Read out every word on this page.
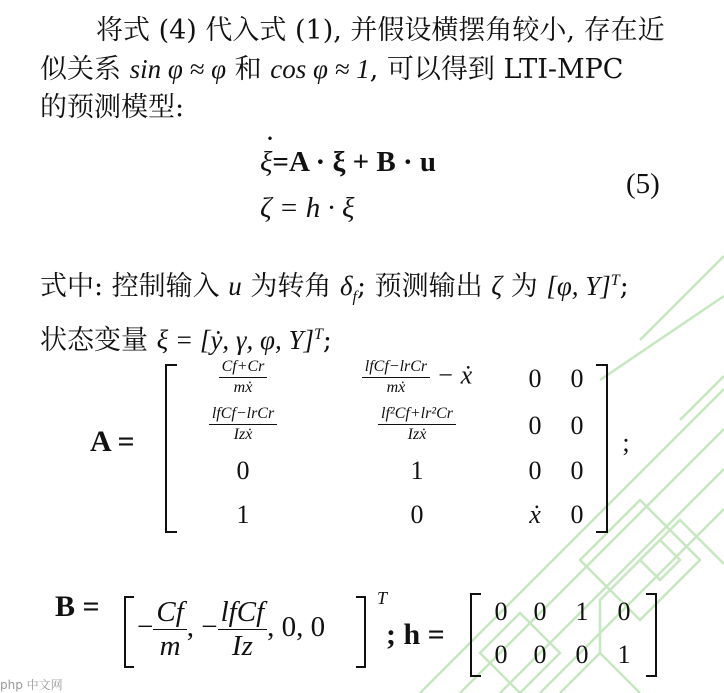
将式 (4) 代入式 (1), 并假设横摆角较小, 存在近
似关系 sin φ ≈ φ 和 cos φ ≈ 1, 可以得到 LTI-MPC
的预测模型:
· ξ=A · ξ + B · u
ζ = h · ξ
(5)
式中: 控制输入 u 为转角 $\delta_f$; 预测输出 ζ 为 [φ, Y]$^T$;
状态变量 ξ = [ẏ, γ, φ, Y]$^T$;
A =
$\frac{Cf+Cr}{\text{mẋ}}$	$\frac{\text{lfCf−lrCr}}{\text{mẋ}}$ − ẋ	0	0
$\frac{\text{lfCf−lrCr}}{\text{Izẋ}}$	$\frac{\text{lf²Cf+lr²Cr}}{\text{Izẋ}}$	0	0
0	1	0	0
1	0	ẋ	0
;
B =
− $\frac{Cf}{m}$ , − $\frac{\text{lfCf}}{Iz}$ , 0, 0
T
; h =
0	0	1	0
0	0	0	1
php 中文网
